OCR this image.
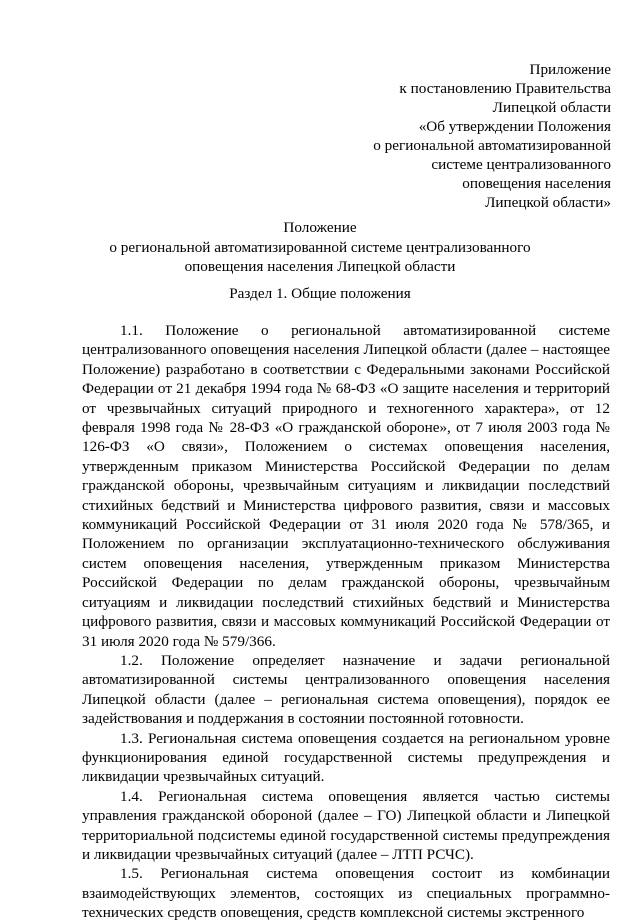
Приложение
к постановлению Правительства
Липецкой области
«Об утверждении Положения
о региональной автоматизированной
системе централизованного
оповещения населения
Липецкой области»
Положение
о региональной автоматизированной системе централизованного
оповещения населения Липецкой области
Раздел 1. Общие положения

1.1. Положение о региональной автоматизированной системе централизованного оповещения населения Липецкой области (далее – настоящее Положение) разработано в соответствии с Федеральными законами Российской Федерации от 21 декабря 1994 года № 68-ФЗ «О защите населения и территорий от чрезвычайных ситуаций природного и техногенного характера», от 12 февраля 1998 года № 28-ФЗ «О гражданской обороне», от 7 июля 2003 года № 126-ФЗ «О связи», Положением о системах оповещения населения, утвержденным приказом Министерства Российской Федерации по делам гражданской обороны, чрезвычайным ситуациям и ликвидации последствий стихийных бедствий и Министерства цифрового развития, связи и массовых коммуникаций Российской Федерации от 31 июля 2020 года № 578/365, и Положением по организации эксплуатационно-технического обслуживания систем оповещения населения, утвержденным приказом Министерства Российской Федерации по делам гражданской обороны, чрезвычайным ситуациям и ликвидации последствий стихийных бедствий и Министерства цифрового развития, связи и массовых коммуникаций Российской Федерации от 31 июля 2020 года № 579/366.

1.2. Положение определяет назначение и задачи региональной автоматизированной системы централизованного оповещения населения Липецкой области (далее – региональная система оповещения), порядок ее задействования и поддержания в состоянии постоянной готовности.

1.3. Региональная система оповещения создается на региональном уровне функционирования единой государственной системы предупреждения и ликвидации чрезвычайных ситуаций.

1.4. Региональная система оповещения является частью системы управления гражданской обороной (далее – ГО) Липецкой области и Липецкой территориальной подсистемы единой государственной системы предупреждения и ликвидации чрезвычайных ситуаций (далее – ЛТП РСЧС).

1.5. Региональная система оповещения состоит из комбинации взаимодействующих элементов, состоящих из специальных программно-технических средств оповещения, средств комплексной системы экстренного
